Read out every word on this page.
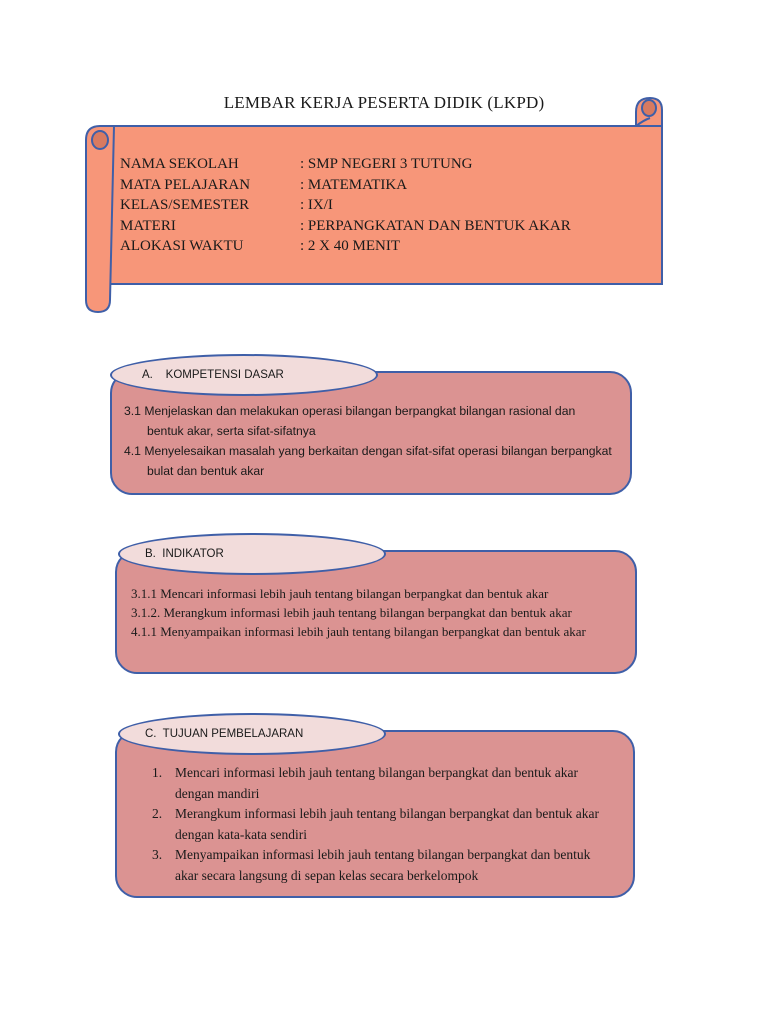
LEMBAR KERJA PESERTA DIDIK (LKPD)
NAMA SEKOLAH	: SMP NEGERI 3 TUTUNG
MATA PELAJARAN	: MATEMATIKA
KELAS/SEMESTER	: IX/I
MATERI	: PERPANGKATAN DAN BENTUK AKAR
ALOKASI WAKTU	: 2 X 40 MENIT
A.    KOMPETENSI DASAR
3.1 Menjelaskan dan melakukan operasi bilangan berpangkat bilangan rasional dan bentuk akar, serta sifat-sifatnya
4.1 Menyelesaikan masalah yang berkaitan dengan sifat-sifat operasi bilangan berpangkat bulat dan bentuk akar
B.  INDIKATOR
3.1.1 Mencari informasi lebih jauh tentang bilangan berpangkat dan bentuk akar
3.1.2. Merangkum informasi lebih jauh tentang bilangan berpangkat dan bentuk akar
4.1.1 Menyampaikan informasi lebih jauh tentang bilangan berpangkat dan bentuk akar
C.  TUJUAN PEMBELAJARAN
1. Mencari informasi lebih jauh tentang bilangan berpangkat dan bentuk akar dengan mandiri
2. Merangkum informasi lebih jauh tentang bilangan berpangkat dan bentuk akar dengan kata-kata sendiri
3. Menyampaikan informasi lebih jauh tentang bilangan berpangkat dan bentuk akar secara langsung di sepan kelas secara berkelompok
